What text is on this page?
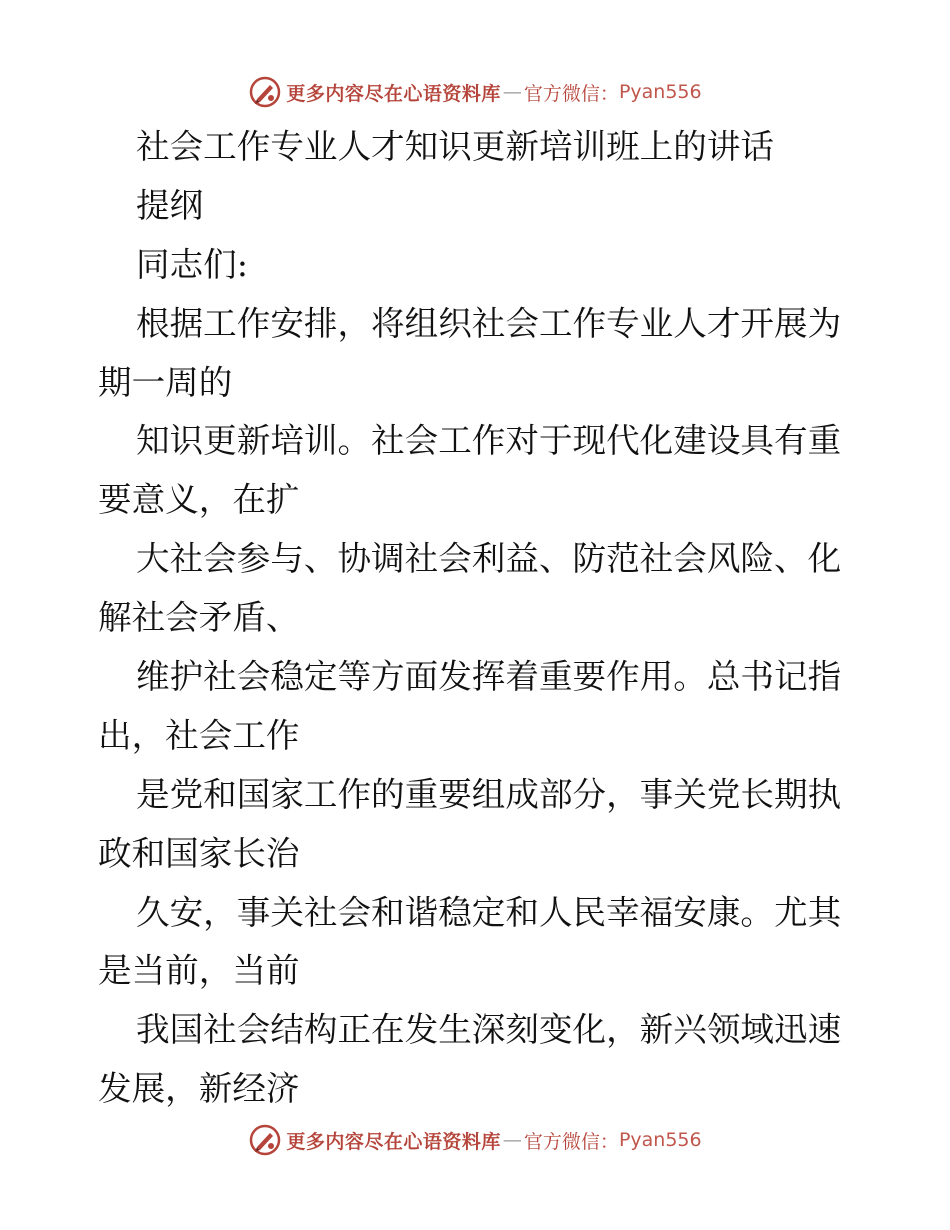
更多内容尽在心语资料库 — 官方微信： Pyan556
社会工作专业人才知识更新培训班上的讲话
提纲
同志们:
根据工作安排，将组织社会工作专业人才开展为
期一周的
知识更新培训。社会工作对于现代化建设具有重
要意义，在扩
大社会参与、协调社会利益、防范社会风险、化
解社会矛盾、
维护社会稳定等方面发挥着重要作用。总书记指
出，社会工作
是党和国家工作的重要组成部分，事关党长期执
政和国家长治
久安，事关社会和谐稳定和人民幸福安康。尤其
是当前，当前
我国社会结构正在发生深刻变化，新兴领域迅速
发展，新经济
更多内容尽在心语资料库 — 官方微信： Pyan556
